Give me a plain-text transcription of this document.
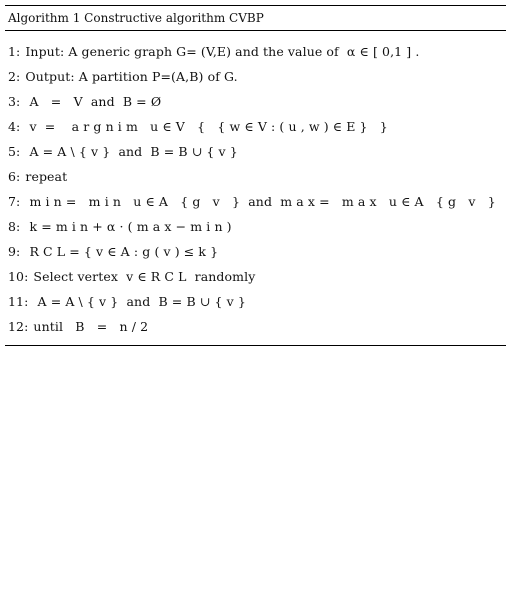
Algorithm 1 Constructive algorithm CVBP
1: Input: A generic graph G= (V,E) and the value of  α ∈ [ 0,1 ] .
2: Output: A partition P=(A,B) of G.
3: A   =   V  and  B = Ø
4: v  =    a r g n i m   u ∈ V   {   { w ∈ V : ( u , w ) ∈ E }   }
5: A = A \ { v }  and  B = B ∪ { v }
6: repeat
7: m i n =   m i n   u ∈ A   { g   v   }  and  m a x =   m a x   u ∈ A   { g   v   }
8: k = m i n + α · ( m a x − m i n )
9: R C L = { v ∈ A : g ( v ) ≤ k }
10: Select vertex  v ∈ R C L  randomly
11: A = A \ { v }  and  B = B ∪ { v }
12: until   B   =   n / 2
